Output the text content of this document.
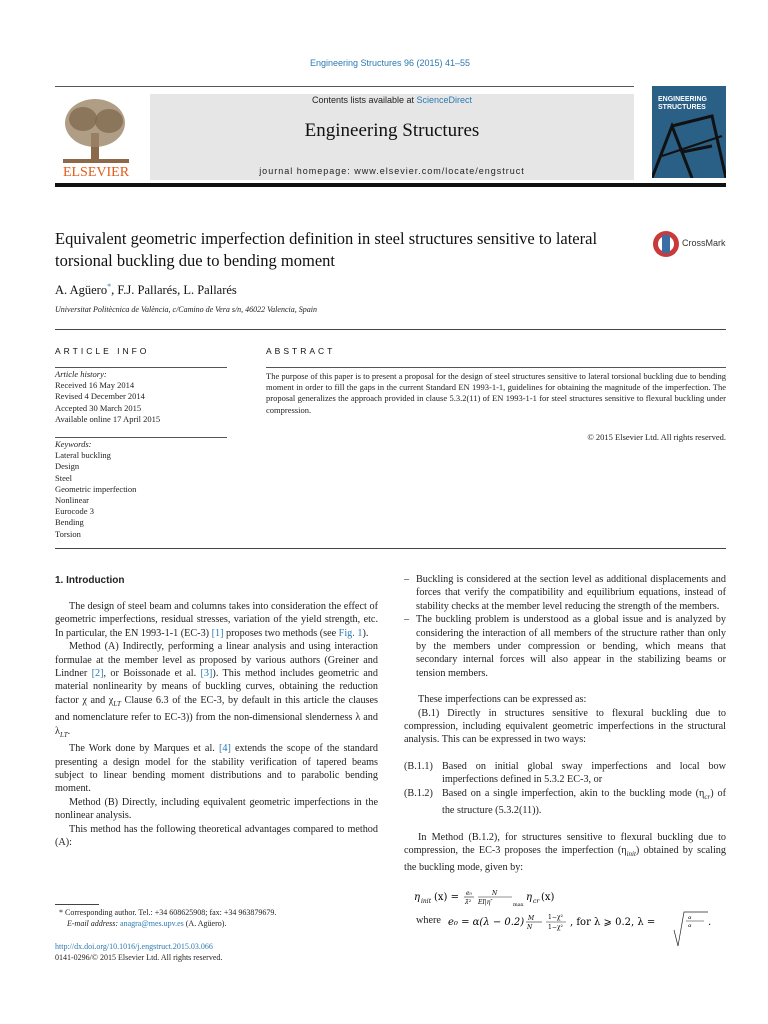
Engineering Structures 96 (2015) 41–55
ELSEVIER
Contents lists available at ScienceDirect
Engineering Structures
journal homepage: www.elsevier.com/locate/engstruct
ENGINEERING
STRUCTURES
Equivalent geometric imperfection definition in steel structures sensitive to lateral torsional buckling due to bending moment
CrossMark
A. Agüero*, F.J. Pallarés, L. Pallarés
Universitat Politècnica de València, c/Camino de Vera s/n, 46022 Valencia, Spain
ARTICLE INFO
Article history:
Received 16 May 2014
Revised 4 December 2014
Accepted 30 March 2015
Available online 17 April 2015
Keywords:
Lateral buckling
Design
Steel
Geometric imperfection
Nonlinear
Eurocode 3
Bending
Torsion
ABSTRACT
The purpose of this paper is to present a proposal for the design of steel structures sensitive to lateral torsional buckling due to bending moment in order to fill the gaps in the current Standard EN 1993-1-1, guidelines for obtaining the magnitude of the imperfection. The proposal generalizes the approach provided in clause 5.3.2(11) of EN 1993-1-1 for steel structures sensitive to flexural buckling under compression.
© 2015 Elsevier Ltd. All rights reserved.
1. Introduction

The design of steel beam and columns takes into consideration the effect of geometric imperfections, residual stresses, variation of the yield strength, etc. In particular, the EN 1993-1-1 (EC-3) [1] proposes two methods (see Fig. 1).

Method (A) Indirectly, performing a linear analysis and using interaction formulae at the member level as proposed by various authors (Greiner and Lindner [2], or Boissonade et al. [3]). This method includes geometric and material nonlinearity by means of buckling curves, obtaining the reduction factor χ and $\chi_{LT}$ Clause 6.3 of the EC-3, by default in this article the clauses and nomenclature refer to EC-3)) from the non-dimensional slenderness λ and $\lambda_{LT}$.

The Work done by Marques et al. [4] extends the scope of the standard presenting a design model for the stability verification of tapered beams subject to linear bending moment distributions and to parabolic bending moment.

Method (B) Directly, including equivalent geometric imperfections in the nonlinear analysis.

This method has the following theoretical advantages compared to method (A):

* Corresponding author. Tel.: +34 608625908; fax: +34 963879679.
E-mail address: anagra@mes.upv.es (A. Agüero).
http://dx.doi.org/10.1016/j.engstruct.2015.03.066
0141-0296/© 2015 Elsevier Ltd. All rights reserved.
– Buckling is considered at the section level as additional displacements and forces that verify the compatibility and equilibrium equations, instead of stability checks at the member level reducing the strength of the members.
– The buckling problem is understood as a global issue and is analyzed by considering the interaction of all members of the structure rather than only by the members under compression or bending, which means that secondary internal forces will also appear in the stabilizing beams or tension members.

These imperfections can be expressed as:

(B.1) Directly in structures sensitive to flexural buckling due to compression, including equivalent geometric imperfections in the structural analysis. This can be expressed in two ways:

(B.1.1) Based on initial global sway imperfections and local bow imperfections defined in 5.3.2 EC-3, or
(B.1.2) Based on a single imperfection, akin to the buckling mode $(\eta_{cr})$ of the structure (5.3.2(11)).

In Method (B.1.2), for structures sensitive to flexural buckling due to compression, the EC-3 proposes the imperfection $(\eta_{init})$ obtained by scaling the buckling mode, given by:

η init (x) = e₀
λ̄²
N
EI|η″	max
η cr (x)
where e₀ = α(λ − 0.2) M
N
1−χ²
1−χ² , for λ ⩾ 0.2, λ =	α
α .
